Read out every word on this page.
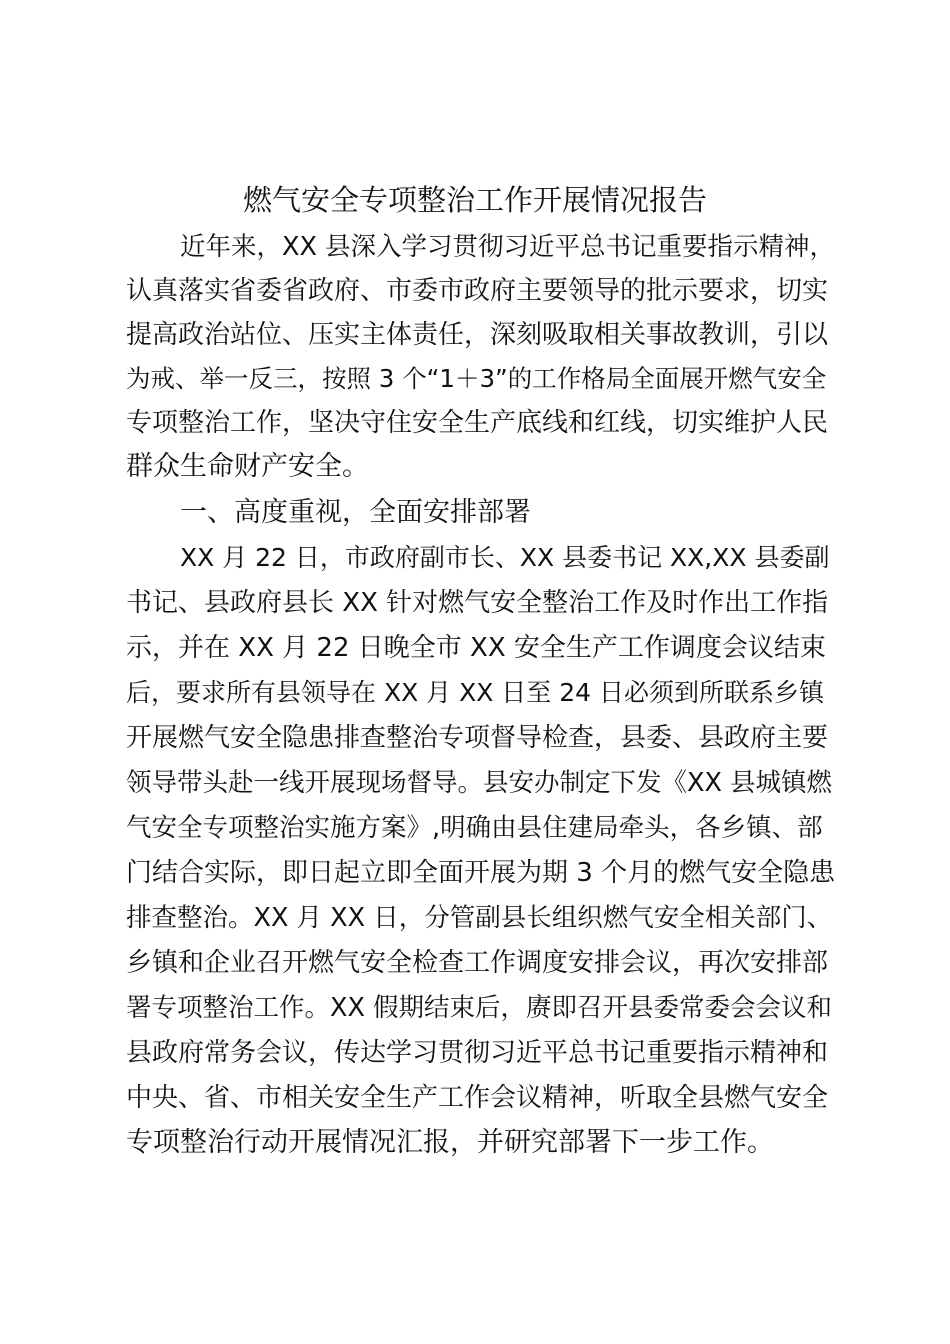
燃气安全专项整治工作开展情况报告
近年来，XX 县深入学习贯彻习近平总书记重要指示精神，
认真落实省委省政府、市委市政府主要领导的批示要求，切实
提高政治站位、压实主体责任，深刻吸取相关事故教训，引以
为戒、举一反三，按照 3 个“1＋3”的工作格局全面展开燃气安全
专项整治工作，坚决守住安全生产底线和红线，切实维护人民
群众生命财产安全。
一、高度重视，全面安排部署
XX 月 22 日，市政府副市长、XX 县委书记 XX,XX 县委副
书记、县政府县长 XX 针对燃气安全整治工作及时作出工作指
示，并在 XX 月 22 日晚全市 XX 安全生产工作调度会议结束
后，要求所有县领导在 XX 月 XX 日至 24 日必须到所联系乡镇
开展燃气安全隐患排查整治专项督导检查，县委、县政府主要
领导带头赴一线开展现场督导。县安办制定下发《XX 县城镇燃
气安全专项整治实施方案》,明确由县住建局牵头，各乡镇、部
门结合实际，即日起立即全面开展为期 3 个月的燃气安全隐患
排查整治。XX 月 XX 日，分管副县长组织燃气安全相关部门、
乡镇和企业召开燃气安全检查工作调度安排会议，再次安排部
署专项整治工作。XX 假期结束后，赓即召开县委常委会会议和
县政府常务会议，传达学习贯彻习近平总书记重要指示精神和
中央、省、市相关安全生产工作会议精神，听取全县燃气安全
专项整治行动开展情况汇报，并研究部署下一步工作。
